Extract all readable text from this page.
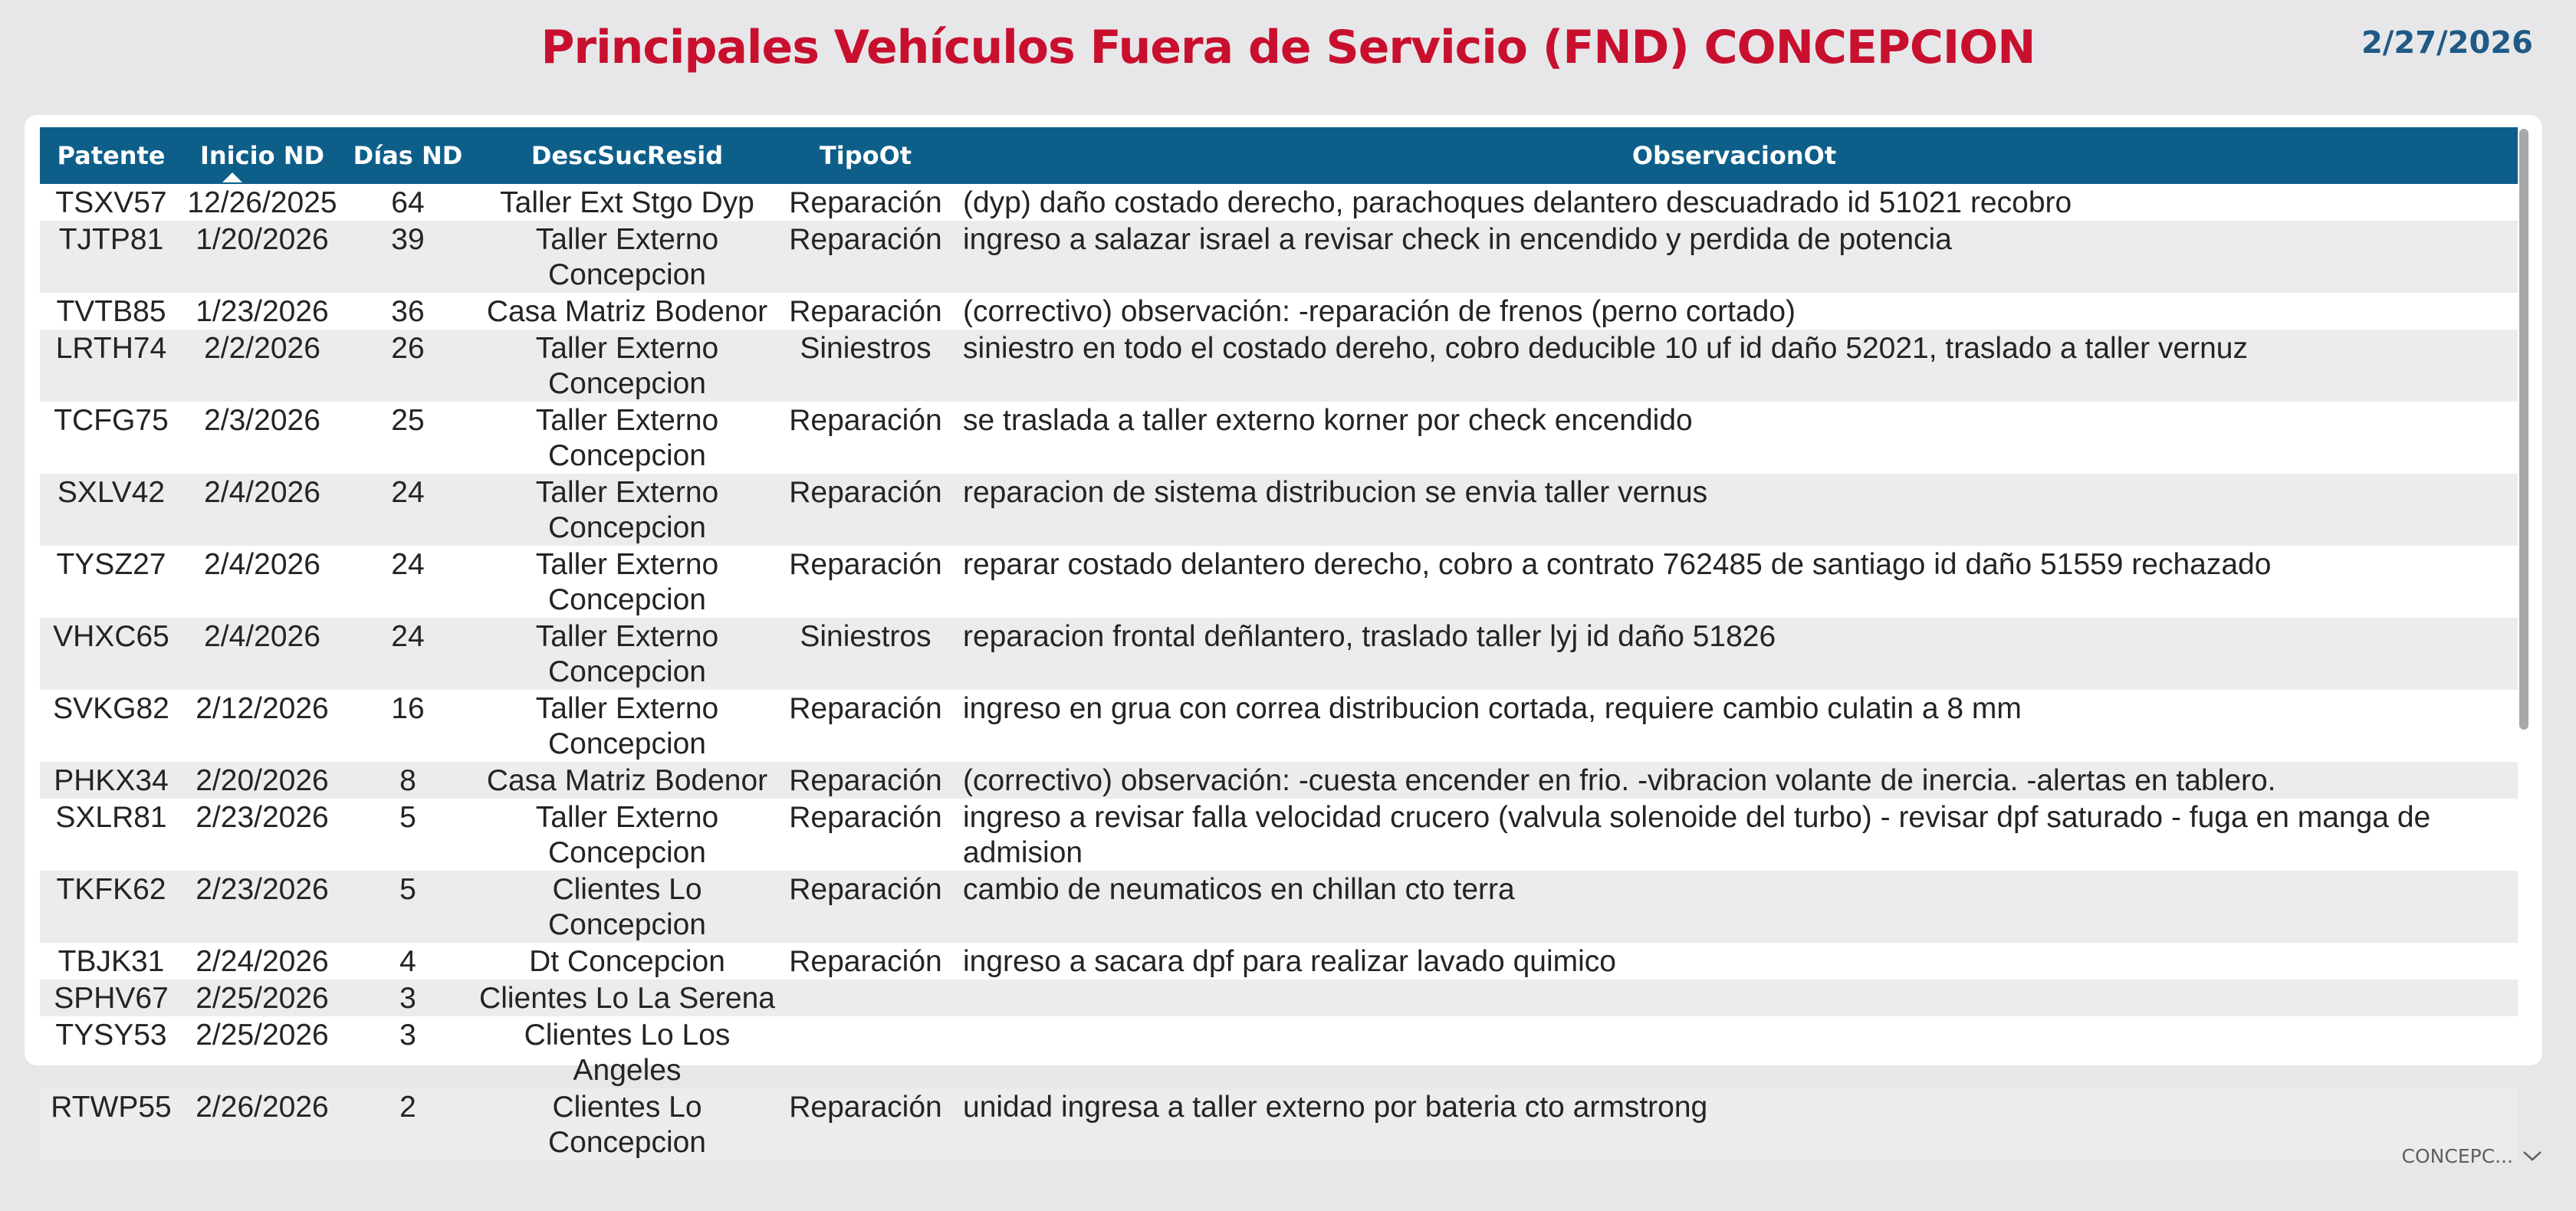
Principales Vehículos Fuera de Servicio (FND) CONCEPCION	2/27/2026
Patente	Inicio ND	Días ND	DescSucResid	TipoOt	ObservacionOt
TSXV57	12/26/2025	64	Taller Ext Stgo Dyp	Reparación	(dyp) daño costado derecho, parachoques delantero descuadrado id 51021 recobro
TJTP81	1/20/2026	39	Taller Externo Concepcion	Reparación	ingreso a salazar israel a revisar check in encendido y perdida de potencia
TVTB85	1/23/2026	36	Casa Matriz Bodenor	Reparación	(correctivo) observación: -reparación de frenos (perno cortado)
LRTH74	2/2/2026	26	Taller Externo Concepcion	Siniestros	siniestro en todo el costado dereho, cobro deducible 10 uf id daño 52021, traslado a taller vernuz
TCFG75	2/3/2026	25	Taller Externo Concepcion	Reparación	se traslada a taller externo korner por check encendido
SXLV42	2/4/2026	24	Taller Externo Concepcion	Reparación	reparacion de sistema distribucion se envia taller vernus
TYSZ27	2/4/2026	24	Taller Externo Concepcion	Reparación	reparar costado delantero derecho, cobro a contrato 762485 de santiago id daño 51559 rechazado
VHXC65	2/4/2026	24	Taller Externo Concepcion	Siniestros	reparacion frontal deñlantero, traslado taller lyj id daño 51826
SVKG82	2/12/2026	16	Taller Externo Concepcion	Reparación	ingreso en grua con correa distribucion cortada, requiere cambio culatin a 8 mm
PHKX34	2/20/2026	8	Casa Matriz Bodenor	Reparación	(correctivo) observación: -cuesta encender en frio. -vibracion volante de inercia. -alertas en tablero.
SXLR81	2/23/2026	5	Taller Externo Concepcion	Reparación	ingreso a revisar falla velocidad crucero (valvula solenoide del turbo) - revisar dpf saturado - fuga en manga de admision
TKFK62	2/23/2026	5	Clientes Lo Concepcion	Reparación	cambio de neumaticos en chillan cto terra
TBJK31	2/24/2026	4	Dt Concepcion	Reparación	ingreso a sacara dpf para realizar lavado quimico
SPHV67	2/25/2026	3	Clientes Lo La Serena		
TYSY53	2/25/2026	3	Clientes Lo Los Angeles		
RTWP55	2/26/2026	2	Clientes Lo Concepcion	Reparación	unidad ingresa a taller externo por bateria cto armstrong
CONCEPC...
